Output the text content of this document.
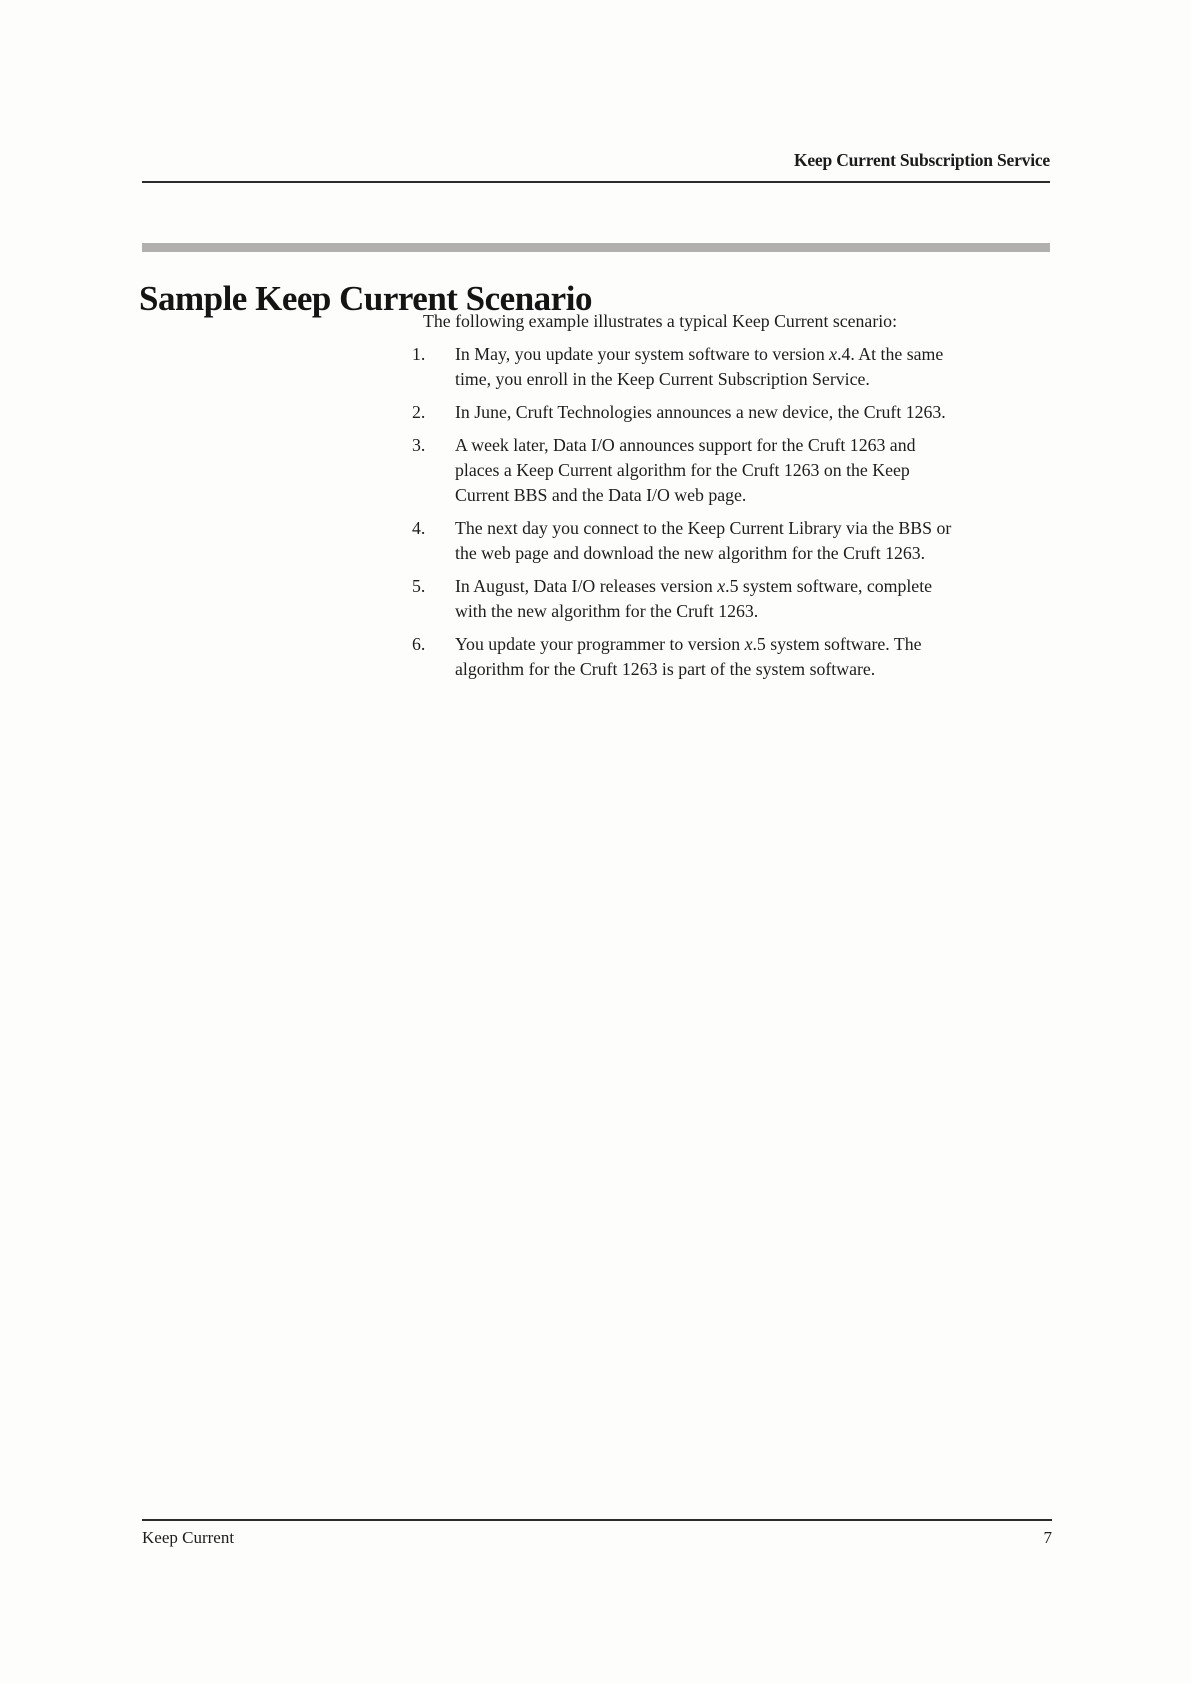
Keep Current Subscription Service
Sample Keep Current Scenario

The following example illustrates a typical Keep Current scenario:

1.	In May, you update your system software to version x.4. At the same
time, you enroll in the Keep Current Subscription Service.
2.	In June, Cruft Technologies announces a new device, the Cruft 1263.
3.	A week later, Data I/O announces support for the Cruft 1263 and
places a Keep Current algorithm for the Cruft 1263 on the Keep
Current BBS and the Data I/O web page.
4.	The next day you connect to the Keep Current Library via the BBS or
the web page and download the new algorithm for the Cruft 1263.
5.	In August, Data I/O releases version x.5 system software, complete
with the new algorithm for the Cruft 1263.
6.	You update your programmer to version x.5 system software. The
algorithm for the Cruft 1263 is part of the system software.
Keep Current	7
